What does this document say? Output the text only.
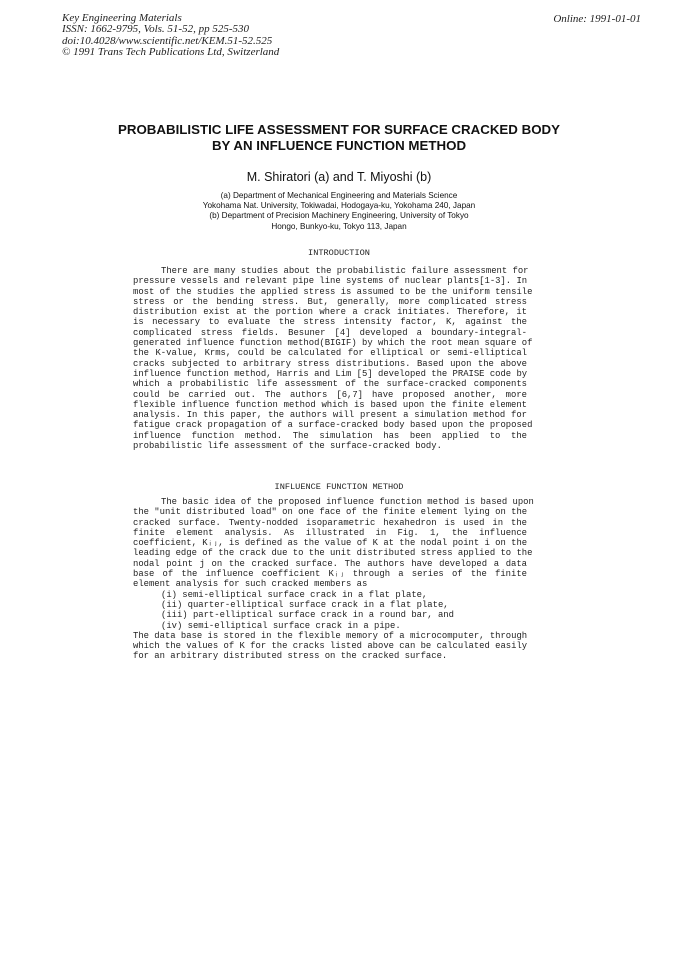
Key Engineering Materials
ISSN: 1662-9795, Vols. 51-52, pp 525-530
doi:10.4028/www.scientific.net/KEM.51-52.525
© 1991 Trans Tech Publications Ltd, Switzerland
Online: 1991-01-01
PROBABILISTIC LIFE ASSESSMENT FOR SURFACE CRACKED BODY
BY AN INFLUENCE FUNCTION METHOD
M. Shiratori (a) and T. Miyoshi (b)
(a) Department of Mechanical Engineering and Materials Science
Yokohama Nat. University, Tokiwadai, Hodogaya-ku, Yokohama 240, Japan
(b) Department of Precision Machinery Engineering, University of Tokyo
Hongo, Bunkyo-ku, Tokyo 113, Japan
INTRODUCTION
There are many studies about the probabilistic failure assessment for
pressure vessels and relevant pipe line systems of nuclear plants[1-3]. In
most of the studies the applied stress is assumed to be the uniform tensile
stress or the bending stress. But, generally, more complicated stress
distribution exist at the portion where a crack initiates. Therefore, it
is necessary to evaluate the stress intensity factor, K, against the
complicated stress fields. Besuner [4] developed a boundary-integral-
generated influence function method(BIGIF) by which the root mean square of
the K-value, Krms, could be calculated for elliptical or semi-elliptical
cracks subjected to arbitrary stress distributions. Based upon the above
influence function method, Harris and Lim [5] developed the PRAISE code by
which a probabilistic life assessment of the surface-cracked components
could be carried out. The authors [6,7] have proposed another, more
flexible influence function method which is based upon the finite element
analysis. In this paper, the authors will present a simulation method for
fatigue crack propagation of a surface-cracked body based upon the proposed
influence function method. The simulation has been applied to the
probabilistic life assessment of the surface-cracked body.
INFLUENCE FUNCTION METHOD
The basic idea of the proposed influence function method is based upon
the "unit distributed load" on one face of the finite element lying on the
cracked surface. Twenty-nodded isoparametric hexahedron is used in the
finite element analysis. As illustrated in Fig. 1, the influence
coefficient, Kᵢⱼ, is defined as the value of K at the nodal point i on the
leading edge of the crack due to the unit distributed stress applied to the
nodal point j on the cracked surface. The authors have developed a data
base of the influence coefficient Kᵢⱼ through a series of the finite
element analysis for such cracked members as
(i) semi-elliptical surface crack in a flat plate,
(ii) quarter-elliptical surface crack in a flat plate,
(iii) part-elliptical surface crack in a round bar, and
(iv) semi-elliptical surface crack in a pipe.
The data base is stored in the flexible memory of a microcomputer, through
which the values of K for the cracks listed above can be calculated easily
for an arbitrary distributed stress on the cracked surface.
